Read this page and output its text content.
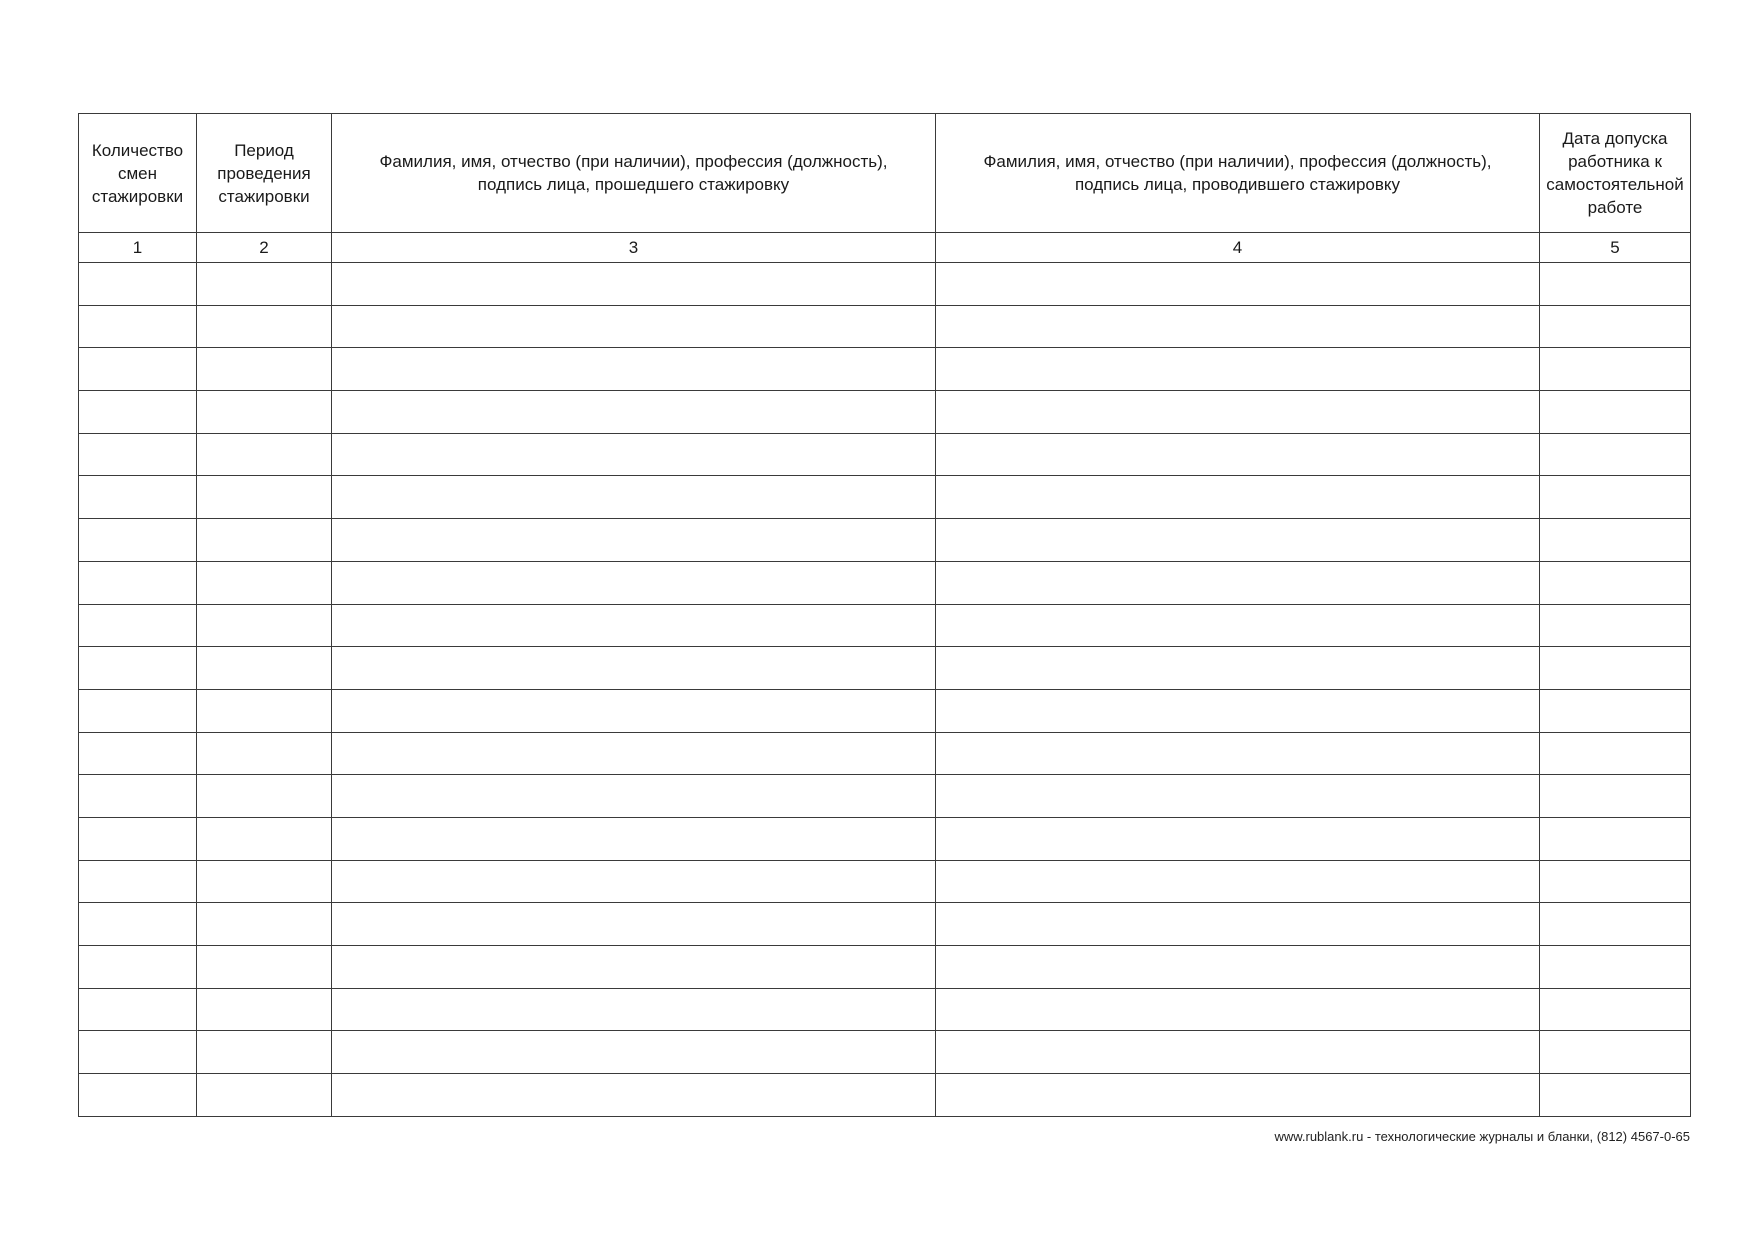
Количество смен стажировки	Период проведения стажировки	Фамилия, имя, отчество (при наличии), профессия (должность), подпись лица, прошедшего стажировку	Фамилия, имя, отчество (при наличии), профессия (должность), подпись лица, проводившего стажировку	Дата допуска работника к самостоятельной работе
1	2	3	4	5

www.rublank.ru - технологические журналы и бланки, (812) 4567-0-65
